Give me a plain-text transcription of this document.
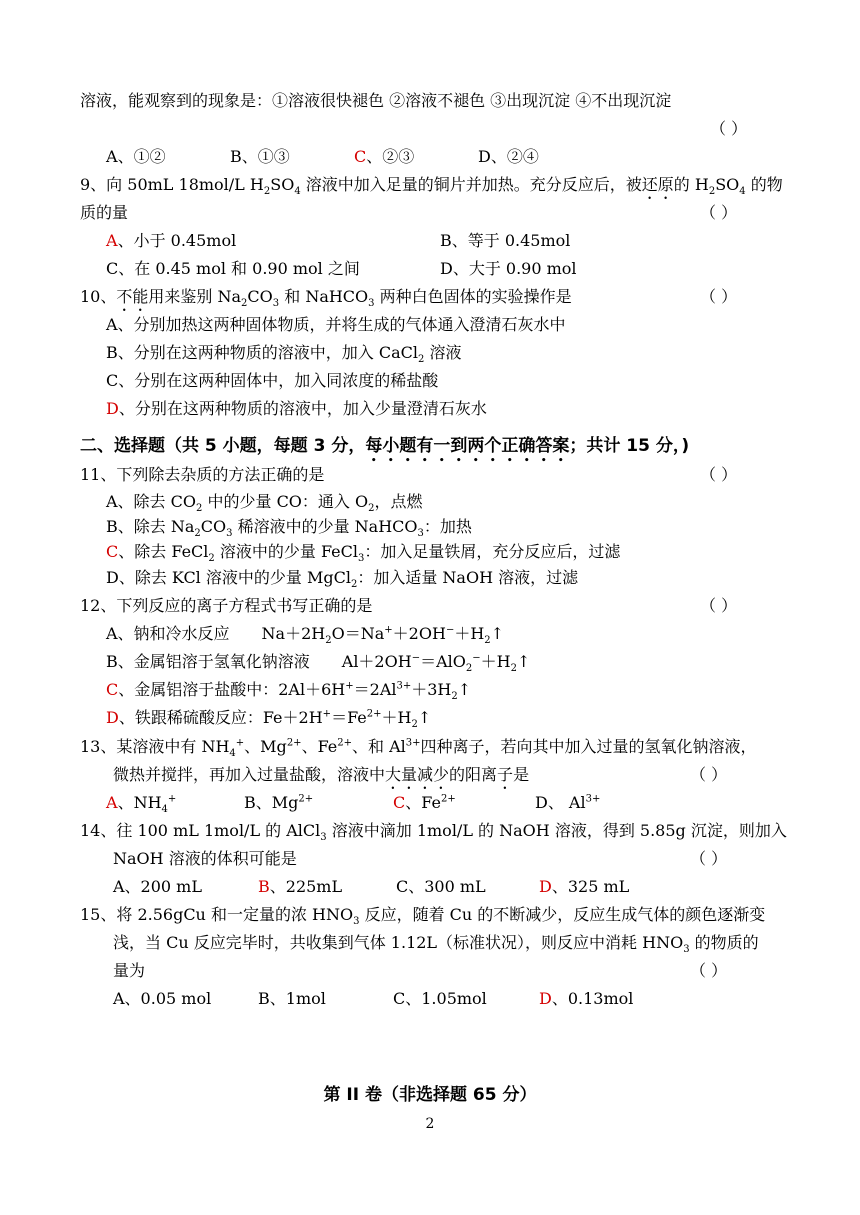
溶液，能观察到的现象是：①溶液很快褪色 ②溶液不褪色 ③出现沉淀 ④不出现沉淀
（ ）
A、①②	B、①③	C、②③	D、②④
9、向 50mL 18mol/L $H_2SO_4$ 溶液中加入足量的铜片并加热。充分反应后，被还原的 $H_2SO_4$ 的物
质的量	（ ）
A、小于 0.45mol	B、等于 0.45mol
C、在 0.45 mol 和 0.90 mol 之间	D、大于 0.90 mol
10、不能用来鉴别 $Na_2CO_3$ 和 NaHCO$_3$ 两种白色固体的实验操作是	（ ）
A、分别加热这两种固体物质，并将生成的气体通入澄清石灰水中
B、分别在这两种物质的溶液中，加入 CaCl$_2$ 溶液
C、分别在这两种固体中，加入同浓度的稀盐酸
D、分别在这两种物质的溶液中，加入少量澄清石灰水
二、选择题（共 5 小题，每题 3 分，每小题有一到两个正确答案；共计 15 分，)
11、下列除去杂质的方法正确的是	（ ）
A、除去 $CO_2$ 中的少量 CO：通入 $O_2$，点燃
B、除去 $Na_2CO_3$ 稀溶液中的少量 NaHCO$_3$：加热
C、除去 FeCl$_2$ 溶液中的少量 FeCl$_3$：加入足量铁屑，充分反应后，过滤
D、除去 KCl 溶液中的少量 MgCl$_2$：加入适量 NaOH 溶液，过滤
12、下列反应的离子方程式书写正确的是	（ ）
A、钠和冷水反应　　$Na+2H_2O=Na^++2OH^-+H_2↑$
B、金属铝溶于氢氧化钠溶液　　$Al+2OH^-=AlO_2^-+H_2↑$
C、金属铝溶于盐酸中：$2Al+6H^+=2Al^{3+}+3H_2↑$
D、铁跟稀硫酸反应：$Fe+2H^+=Fe^{2+}+H_2↑$
13、某溶液中有 $NH_4^+$、$Mg^{2+}$、$Fe^{2+}$、和 $Al^{3+}$四种离子，若向其中加入过量的氢氧化钠溶液，
微热并搅拌，再加入过量盐酸，溶液中大量减少的阳离子是	（ ）
A、$NH_4^+$	B、$Mg^{2+}$	C、$Fe^{2+}$	D、 $Al^{3+}$
14、往 100 mL 1mol/L 的 AlCl$_3$ 溶液中滴加 1mol/L 的 NaOH 溶液，得到 5.85g 沉淀，则加入
NaOH 溶液的体积可能是	（ ）
A、200 mL	B、225mL	C、300 mL	D、325 mL
15、将 2.56gCu 和一定量的浓 $HNO_3$ 反应，随着 Cu 的不断减少，反应生成气体的颜色逐渐变
浅，当 Cu 反应完毕时，共收集到气体 1.12L（标准状况），则反应中消耗 $HNO_3$ 的物质的
量为	（ ）
A、0.05 mol	B、1mol	C、1.05mol	D、0.13mol
第 II 卷（非选择题 65 分）
2
